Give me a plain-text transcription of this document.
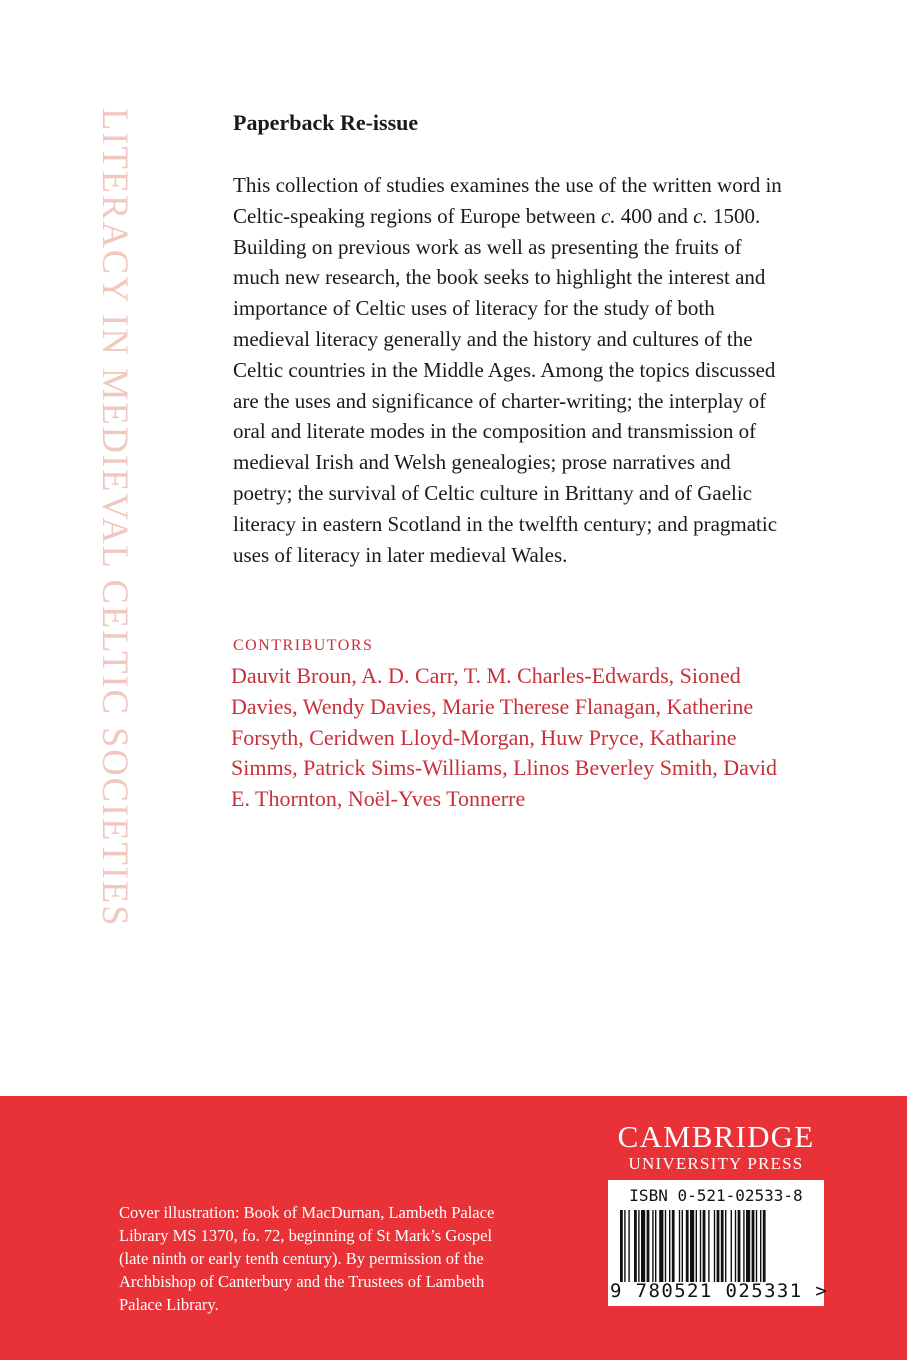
LITERACY IN MEDIEVAL CELTIC SOCIETIES	Paperback Re-issue

This collection of studies examines the use of the written word in Celtic-speaking regions of Europe between c. 400 and c. 1500. Building on previous work as well as presenting the fruits of much new research, the book seeks to highlight the interest and importance of Celtic uses of literacy for the study of both medieval literacy generally and the history and cultures of the Celtic countries in the Middle Ages. Among the topics discussed are the uses and significance of charter-writing; the interplay of oral and literate modes in the composition and transmission of medieval Irish and Welsh genealogies; prose narratives and poetry; the survival of Celtic culture in Brittany and of Gaelic literacy in eastern Scotland in the twelfth century; and pragmatic uses of literacy in later medieval Wales.

CONTRIBUTORS

Dauvit Broun, A. D. Carr, T. M. Charles-Edwards, Sioned Davies, Wendy Davies, Marie Therese Flanagan, Katherine Forsyth, Ceridwen Lloyd-Morgan, Huw Pryce, Katharine Simms, Patrick Sims-Williams, Llinos Beverley Smith, David E. Thornton, Noël-Yves Tonnerre

Cover illustration: Book of MacDurnan, Lambeth Palace Library MS 1370, fo. 72, beginning of St Mark’s Gospel (late ninth or early tenth century). By permission of the Archbishop of Canterbury and the Trustees of Lambeth Palace Library.

CAMBRIDGE
UNIVERSITY PRESS
ISBN 0-521-02533-8
9 780521 025331 >
